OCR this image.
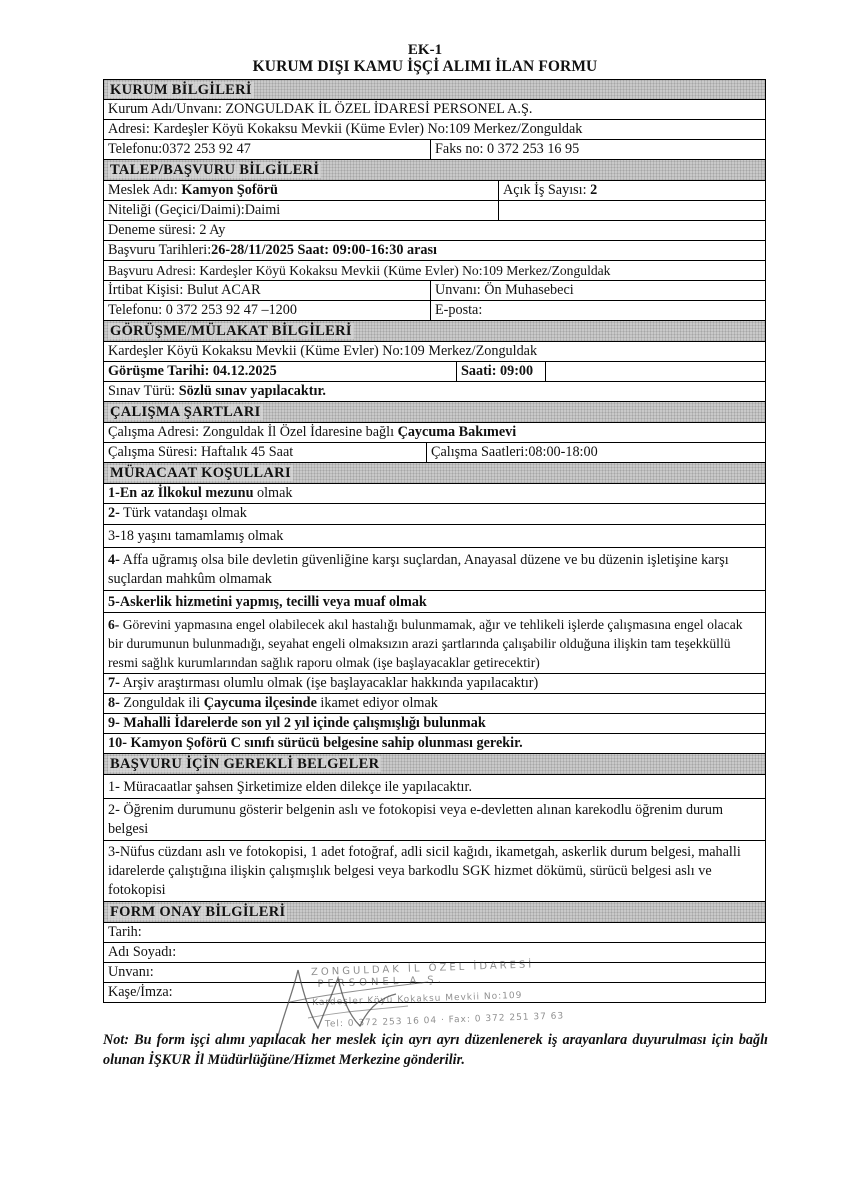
EK-1
KURUM DIŞI KAMU İŞÇİ ALIMI İLAN FORMU
KURUM BİLGİLERİ
Kurum Adı/Unvanı: ZONGULDAK İL ÖZEL İDARESİ PERSONEL A.Ş.
Adresi: Kardeşler Köyü Kokaksu Mevkii (Küme Evler) No:109 Merkez/Zonguldak
Telefonu:0372 253 92 47	Faks no: 0 372 253 16 95
TALEP/BAŞVURU BİLGİLERİ
Meslek Adı: Kamyon Şoförü	Açık İş Sayısı: 2
Niteliği (Geçici/Daimi):Daimi
Deneme süresi: 2 Ay
Başvuru Tarihleri:26-28/11/2025 Saat: 09:00-16:30 arası
Başvuru Adresi: Kardeşler Köyü Kokaksu Mevkii (Küme Evler) No:109 Merkez/Zonguldak
İrtibat Kişisi: Bulut ACAR	Unvanı: Ön Muhasebeci
Telefonu: 0 372 253 92 47 –1200	E-posta:
GÖRÜŞME/MÜLAKAT BİLGİLERİ
Kardeşler Köyü Kokaksu Mevkii (Küme Evler) No:109 Merkez/Zonguldak
Görüşme Tarihi: 04.12.2025	Saati: 09:00
Sınav Türü: Sözlü sınav yapılacaktır.
ÇALIŞMA ŞARTLARI
Çalışma Adresi: Zonguldak İl Özel İdaresine bağlı Çaycuma Bakımevi
Çalışma Süresi: Haftalık 45 Saat	Çalışma Saatleri:08:00-18:00
MÜRACAAT KOŞULLARI
1-En az İlkokul mezunu olmak
2- Türk vatandaşı olmak
3-18 yaşını tamamlamış olmak
4- Affa uğramış olsa bile devletin güvenliğine karşı suçlardan, Anayasal düzene ve bu düzenin işletişine karşı suçlardan mahkûm olmamak
5-Askerlik hizmetini yapmış, tecilli veya muaf olmak
6- Görevini yapmasına engel olabilecek akıl hastalığı bulunmamak, ağır ve tehlikeli işlerde çalışmasına engel olacak bir durumunun bulunmadığı, seyahat engeli olmaksızın arazi şartlarında çalışabilir olduğuna ilişkin tam teşekküllü resmi sağlık kurumlarından sağlık raporu olmak (işe başlayacaklar getirecektir)
7- Arşiv araştırması olumlu olmak (işe başlayacaklar hakkında yapılacaktır)
8- Zonguldak ili Çaycuma ilçesinde ikamet ediyor olmak
9- Mahalli İdarelerde son yıl 2 yıl içinde çalışmışlığı bulunmak
10- Kamyon Şoförü C sınıfı sürücü belgesine sahip olunması gerekir.
BAŞVURU İÇİN GEREKLİ BELGELER
1- Müracaatlar şahsen Şirketimize elden dilekçe ile yapılacaktır.
2- Öğrenim durumunu gösterir belgenin aslı ve fotokopisi veya e-devletten alınan karekodlu öğrenim durum belgesi
3-Nüfus cüzdanı aslı ve fotokopisi, 1 adet fotoğraf, adli sicil kağıdı, ikametgah, askerlik durum belgesi, mahalli idarelerde çalıştığına ilişkin çalışmışlık belgesi veya barkodlu SGK hizmet dökümü, sürücü belgesi aslı ve fotokopisi
FORM ONAY BİLGİLERİ
Tarih:
Adı Soyadı:
Unvanı:
Kaşe/İmza:
ZONGULDAK İL ÖZEL İDARESİ
PERSONEL A.Ş.
Kardeşler Köyü Kokaksu Mevkii No:109
Tel: 0 372 253 16 04 · Fax: 0 372 251 37 63
Not: Bu form işçi alımı yapılacak her meslek için ayrı ayrı düzenlenerek iş arayanlara duyurulması için bağlı olunan İŞKUR İl Müdürlüğüne/Hizmet Merkezine gönderilir.
